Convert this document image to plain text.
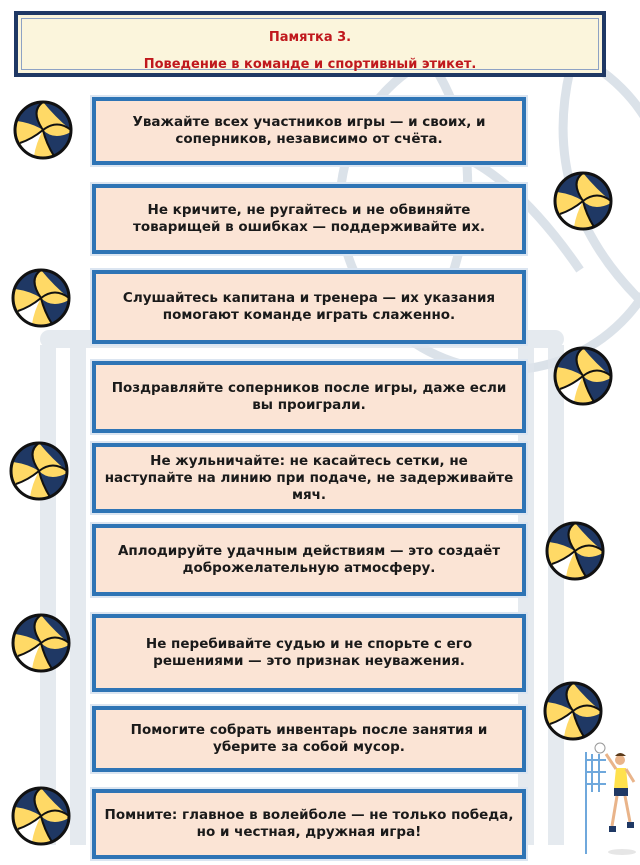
Памятка 3.
Поведение в команде и спортивный этикет.
Уважайте всех участников игры — и своих, и соперников, независимо от счёта.
Не кричите, не ругайтесь и не обвиняйте товарищей в ошибках — поддерживайте их.
Слушайтесь капитана и тренера — их указания помогают команде играть слаженно.
Поздравляйте соперников после игры, даже если вы проиграли.
Не жульничайте: не касайтесь сетки, не наступайте на линию при подаче, не задерживайте мяч.
Аплодируйте удачным действиям — это создаёт доброжелательную атмосферу.
Не перебивайте судью и не спорьте с его решениями — это признак неуважения.
Помогите собрать инвентарь после занятия и уберите за собой мусор.
Помните: главное в волейболе — не только победа, но и честная, дружная игра!
